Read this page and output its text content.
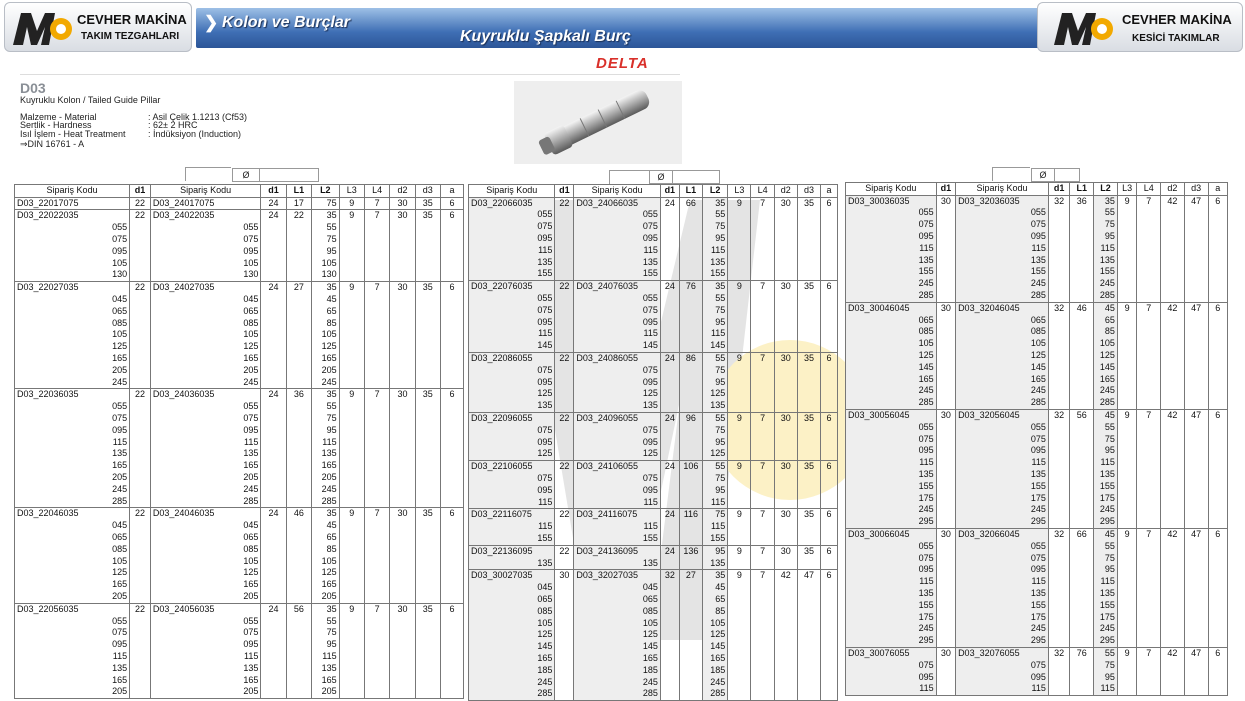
CEVHER MAKİNA
TAKIM TEZGAHLARI
❯ Kolon ve Burçlar
Kuyruklu Şapkalı Burç
CEVHER MAKİNA
KESİCİ TAKIMLAR
DELTA
D03
Kuyruklu Kolon / Tailed Guide Pillar
Malzeme - Material	: Asil Çelik 1.1213 (Cf53)
Sertlik - Hardness	: 62± 2 HRC
Isıl İşlem - Heat Treatment : İndüksiyon (Induction)
⇒DIN 16761 - A
Ø	Ø	Ø
Sipariş Kodu	d1	Sipariş Kodu	d1	L1	L2	L3	L4	d2	d3	a
D03_22017075	22	D03_24017075	24	17	75	9	7	30	35	6
D03_22022035	22	D03_24022035	24	22	35	9	7	30	35	6
055		055			55					
075		075			75					
095		095			95					
105		105			105					
130		130			130					
D03_22027035	22	D03_24027035	24	27	35	9	7	30	35	6
045		045			45					
065		065			65					
085		085			85					
105		105			105					
125		125			125					
165		165			165					
205		205			205					
245		245			245					
D03_22036035	22	D03_24036035	24	36	35	9	7	30	35	6
055		055			55					
075		075			75					
095		095			95					
115		115			115					
135		135			135					
165		165			165					
205		205			205					
245		245			245					
285		285			285					
D03_22046035	22	D03_24046035	24	46	35	9	7	30	35	6
045		045			45					
065		065			65					
085		085			85					
105		105			105					
125		125			125					
165		165			165					
205		205			205					
D03_22056035	22	D03_24056035	24	56	35	9	7	30	35	6
055		055			55					
075		075			75					
095		095			95					
115		115			115					
135		135			135					
165		165			165					
205		205			205					
Sipariş Kodu	d1	Sipariş Kodu	d1	L1	L2	L3	L4	d2	d3	a
D03_22066035	22	D03_24066035	24	66	35	9	7	30	35	6
055		055			55					
075		075			75					
095		095			95					
115		115			115					
135		135			135					
155		155			155					
D03_22076035	22	D03_24076035	24	76	35	9	7	30	35	6
055		055			55					
075		075			75					
095		095			95					
115		115			115					
145		145			145					
D03_22086055	22	D03_24086055	24	86	55	9	7	30	35	6
075		075			75					
095		095			95					
125		125			125					
135		135			135					
D03_22096055	22	D03_24096055	24	96	55	9	7	30	35	6
075		075			75					
095		095			95					
125		125			125					
D03_22106055	22	D03_24106055	24	106	55	9	7	30	35	6
075		075			75					
095		095			95					
115		115			115					
D03_22116075	22	D03_24116075	24	116	75	9	7	30	35	6
115		115			115					
155		155			155					
D03_22136095	22	D03_24136095	24	136	95	9	7	30	35	6
135		135			135					
D03_30027035	30	D03_32027035	32	27	35	9	7	42	47	6
045		045			45					
065		065			65					
085		085			85					
105		105			105					
125		125			125					
145		145			145					
165		165			165					
185		185			185					
245		245			245					
285		285			285					
Sipariş Kodu	d1	Sipariş Kodu	d1	L1	L2	L3	L4	d2	d3	a
D03_30036035	30	D03_32036035	32	36	35	9	7	42	47	6
055		055			55					
075		075			75					
095		095			95					
115		115			115					
135		135			135					
155		155			155					
245		245			245					
285		285			285					
D03_30046045	30	D03_32046045	32	46	45	9	7	42	47	6
065		065			65					
085		085			85					
105		105			105					
125		125			125					
145		145			145					
165		165			165					
245		245			245					
285		285			285					
D03_30056045	30	D03_32056045	32	56	45	9	7	42	47	6
055		055			55					
075		075			75					
095		095			95					
115		115			115					
135		135			135					
155		155			155					
175		175			175					
245		245			245					
295		295			295					
D03_30066045	30	D03_32066045	32	66	45	9	7	42	47	6
055		055			55					
075		075			75					
095		095			95					
115		115			115					
135		135			135					
155		155			155					
175		175			175					
245		245			245					
295		295			295					
D03_30076055	30	D03_32076055	32	76	55	9	7	42	47	6
075		075			75					
095		095			95					
115		115			115					
